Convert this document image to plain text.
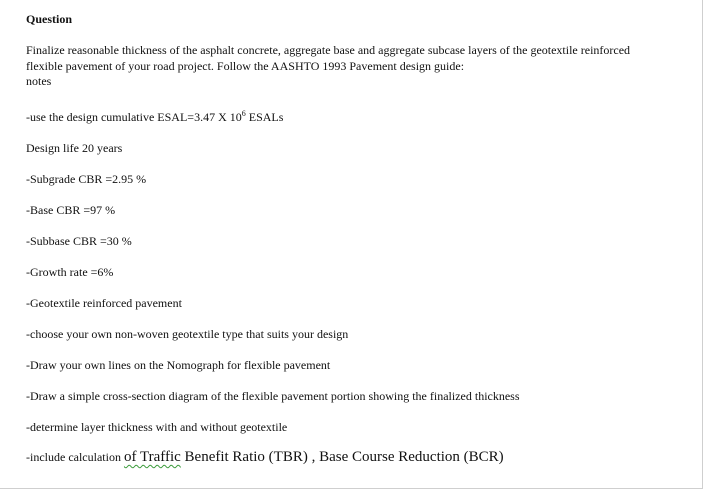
Question
Finalize reasonable thickness of the asphalt concrete, aggregate base and aggregate subcase layers of the geotextile reinforced flexible pavement of your road project. Follow the AASHTO 1993 Pavement design guide:
notes
-use the design cumulative ESAL=3.47 X $10^6$ ESALs
Design life 20 years
-Subgrade CBR =2.95 %
-Base CBR =97 %
-Subbase CBR =30 %
-Growth rate =6%
-Geotextile reinforced pavement
-choose your own non-woven geotextile type that suits your design
-Draw your own lines on the Nomograph for flexible pavement
-Draw a simple cross-section diagram of the flexible pavement portion showing the finalized thickness
-determine layer thickness with and without geotextile
-include calculation of Traffic Benefit Ratio (TBR) , Base Course Reduction (BCR)
